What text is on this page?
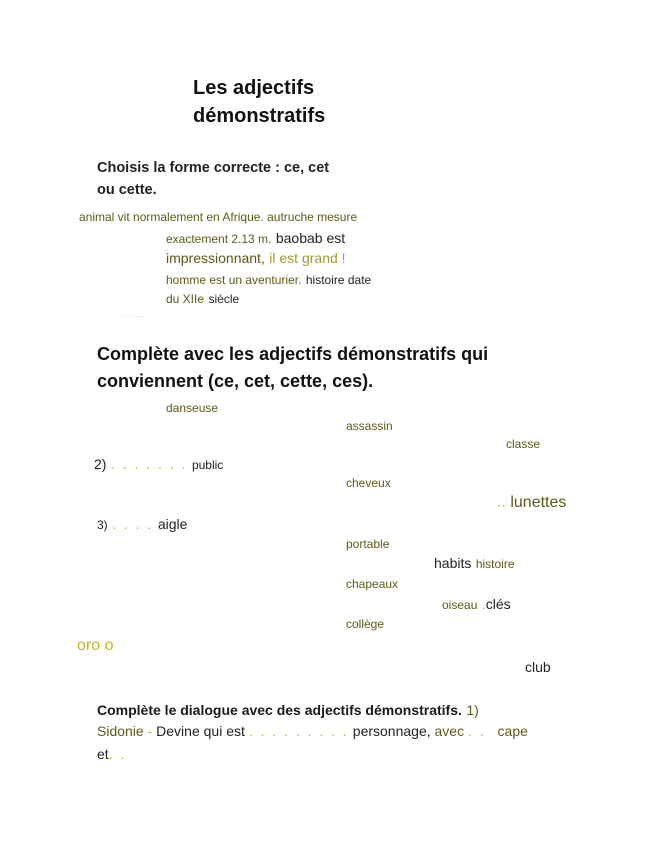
Les adjectifs
démonstratifs
Choisis la forme correcte : ce, cet
ou cette.
animal vit normalement en Afrique. autruche mesure
exactement 2.13 m. baobab est
impressionnant, il est grand !
homme est un aventurier. histoire date
du XIIe siècle
...........
Complète avec les adjectifs démonstratifs qui
conviennent (ce, cet, cette, ces).
danseuse
assassin
classe
2) . . . . . . . public
cheveux
.. lunettes
3) . . . . aigle
portable
habits histoire
chapeaux
oiseau .clés
collège
oro o
club
Complète le dialogue avec des adjectifs démonstratifs. 1)
Sidonie - Devine qui est . . . . . . . . . personnage, avec . . cape
et. .
